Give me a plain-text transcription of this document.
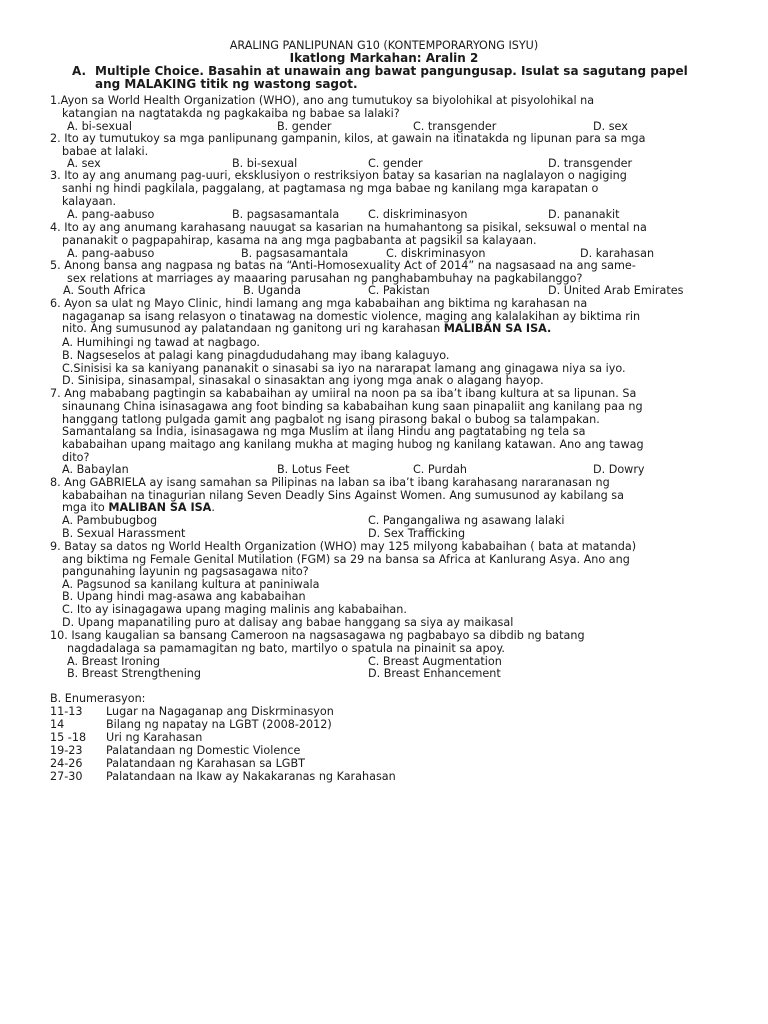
ARALING PANLIPUNAN G10 (KONTEMPORARYONG ISYU)
Ikatlong Markahan: Aralin 2
A. Multiple Choice. Basahin at unawain ang bawat pangungusap. Isulat sa sagutang papel
ang MALAKING titik ng wastong sagot.
1.Ayon sa World Health Organization (WHO), ano ang tumutukoy sa biyolohikal at pisyolohikal na
katangian na nagtatakda ng pagkakaiba ng babae sa lalaki?
A. bi-sexual	B. gender	C. transgender	D. sex
2. Ito ay tumutukoy sa mga panlipunang gampanin, kilos, at gawain na itinatakda ng lipunan para sa mga
babae at lalaki.
A. sex	B. bi-sexual	C. gender	D. transgender
3. Ito ay ang anumang pag-uuri, eksklusiyon o restriksiyon batay sa kasarian na naglalayon o nagiging
sanhi ng hindi pagkilala, paggalang, at pagtamasa ng mga babae ng kanilang mga karapatan o
kalayaan.
A. pang-aabuso	B. pagsasamantala	C. diskriminasyon	D. pananakit
4. Ito ay ang anumang karahasang nauugat sa kasarian na humahantong sa pisikal, seksuwal o mental na
pananakit o pagpapahirap, kasama na ang mga pagbabanta at pagsikil sa kalayaan.
A. pang-aabuso	B. pagsasamantala	C. diskriminasyon	D. karahasan
5. Anong bansa ang nagpasa ng batas na “Anti-Homosexuality Act of 2014” na nagsasaad na ang same-
sex relations at marriages ay maaaring parusahan ng panghabambuhay na pagkabilanggo?
A. South Africa	B. Uganda	C. Pakistan	D. United Arab Emirates
6. Ayon sa ulat ng Mayo Clinic, hindi lamang ang mga kababaihan ang biktima ng karahasan na
nagaganap sa isang relasyon o tinatawag na domestic violence, maging ang kalalakihan ay biktima rin
nito. Ang sumusunod ay palatandaan ng ganitong uri ng karahasan MALIBAN SA ISA.
A. Humihingi ng tawad at nagbago.
B. Nagseselos at palagi kang pinagdududahang may ibang kalaguyo.
C.Sinisisi ka sa kaniyang pananakit o sinasabi sa iyo na nararapat lamang ang ginagawa niya sa iyo.
D. Sinisipa, sinasampal, sinasakal o sinasaktan ang iyong mga anak o alagang hayop.
7. Ang mababang pagtingin sa kababaihan ay umiiral na noon pa sa iba’t ibang kultura at sa lipunan. Sa
sinaunang China isinasagawa ang foot binding sa kababaihan kung saan pinapaliit ang kanilang paa ng
hanggang tatlong pulgada gamit ang pagbalot ng isang pirasong bakal o bubog sa talampakan.
Samantalang sa India, isinasagawa ng mga Muslim at ilang Hindu ang pagtatabing ng tela sa
kababaihan upang maitago ang kanilang mukha at maging hubog ng kanilang katawan. Ano ang tawag
dito?
A. Babaylan	B. Lotus Feet	C. Purdah	D. Dowry
8. Ang GABRIELA ay isang samahan sa Pilipinas na laban sa iba’t ibang karahasang nararanasan ng
kababaihan na tinagurian nilang Seven Deadly Sins Against Women. Ang sumusunod ay kabilang sa
mga ito MALIBAN SA ISA.
A. Pambubugbog	C. Pangangaliwa ng asawang lalaki
B. Sexual Harassment	D. Sex Trafficking
9. Batay sa datos ng World Health Organization (WHO) may 125 milyong kababaihan ( bata at matanda)
ang biktima ng Female Genital Mutilation (FGM) sa 29 na bansa sa Africa at Kanlurang Asya. Ano ang
pangunahing layunin ng pagsasagawa nito?
A. Pagsunod sa kanilang kultura at paniniwala
B. Upang hindi mag-asawa ang kababaihan
C. Ito ay isinagagawa upang maging malinis ang kababaihan.
D. Upang mapanatiling puro at dalisay ang babae hanggang sa siya ay maikasal
10. Isang kaugalian sa bansang Cameroon na nagsasagawa ng pagbabayo sa dibdib ng batang
nagdadalaga sa pamamagitan ng bato, martilyo o spatula na pinainit sa apoy.
A. Breast Ironing	C. Breast Augmentation
B. Breast Strengthening	D. Breast Enhancement
B. Enumerasyon:
11-13 Lugar na Nagaganap ang Diskrminasyon
14	Bilang ng napatay na LGBT (2008-2012)
15 -18 Uri ng Karahasan
19-23 Palatandaan ng Domestic Violence
24-26 Palatandaan ng Karahasan sa LGBT
27-30 Palatandaan na Ikaw ay Nakakaranas ng Karahasan
